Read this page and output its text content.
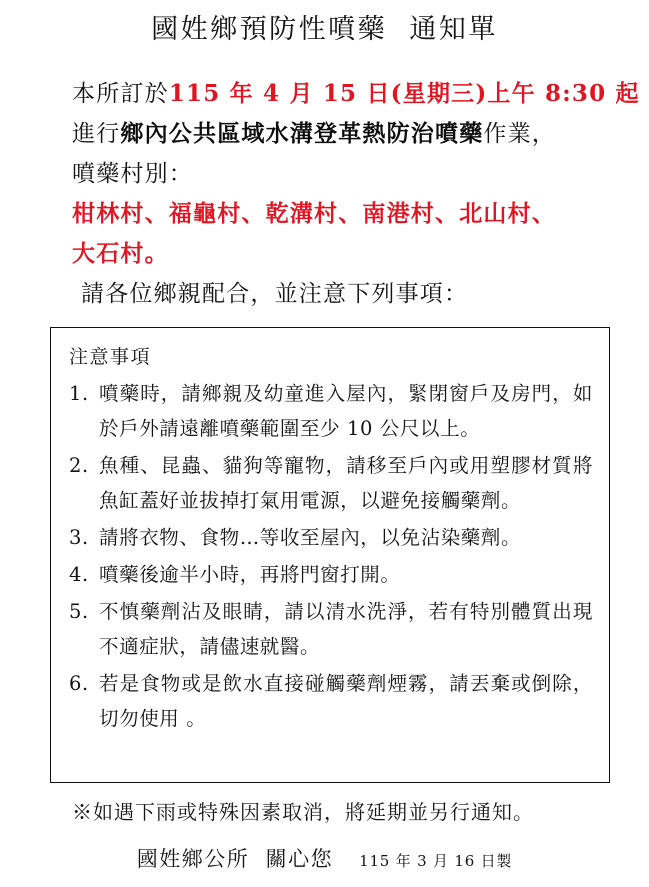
國姓鄉預防性噴藥  通知單
本所訂於115 年 4 月 15 日(星期三)上午 8:30 起
進行鄉內公共區域水溝登革熱防治噴藥作業，
噴藥村別：
柑林村、福龜村、乾溝村、南港村、北山村、
大石村。
請各位鄉親配合，並注意下列事項：
注意事項
1. 噴藥時，請鄉親及幼童進入屋內，緊閉窗戶及房門，如於戶外請遠離噴藥範圍至少 10 公尺以上。
2. 魚種、昆蟲、貓狗等寵物，請移至戶內或用塑膠材質將魚缸蓋好並拔掉打氣用電源，以避免接觸藥劑。
3. 請將衣物、食物…等收至屋內，以免沾染藥劑。
4. 噴藥後逾半小時，再將門窗打開。
5. 不慎藥劑沾及眼睛，請以清水洗淨，若有特別體質出現不適症狀，請儘速就醫。
6. 若是食物或是飲水直接碰觸藥劑煙霧，請丟棄或倒除，切勿使用 。
※如遇下雨或特殊因素取消，將延期並另行通知。
國姓鄉公所  關心您 115 年 3 月 16 日製
